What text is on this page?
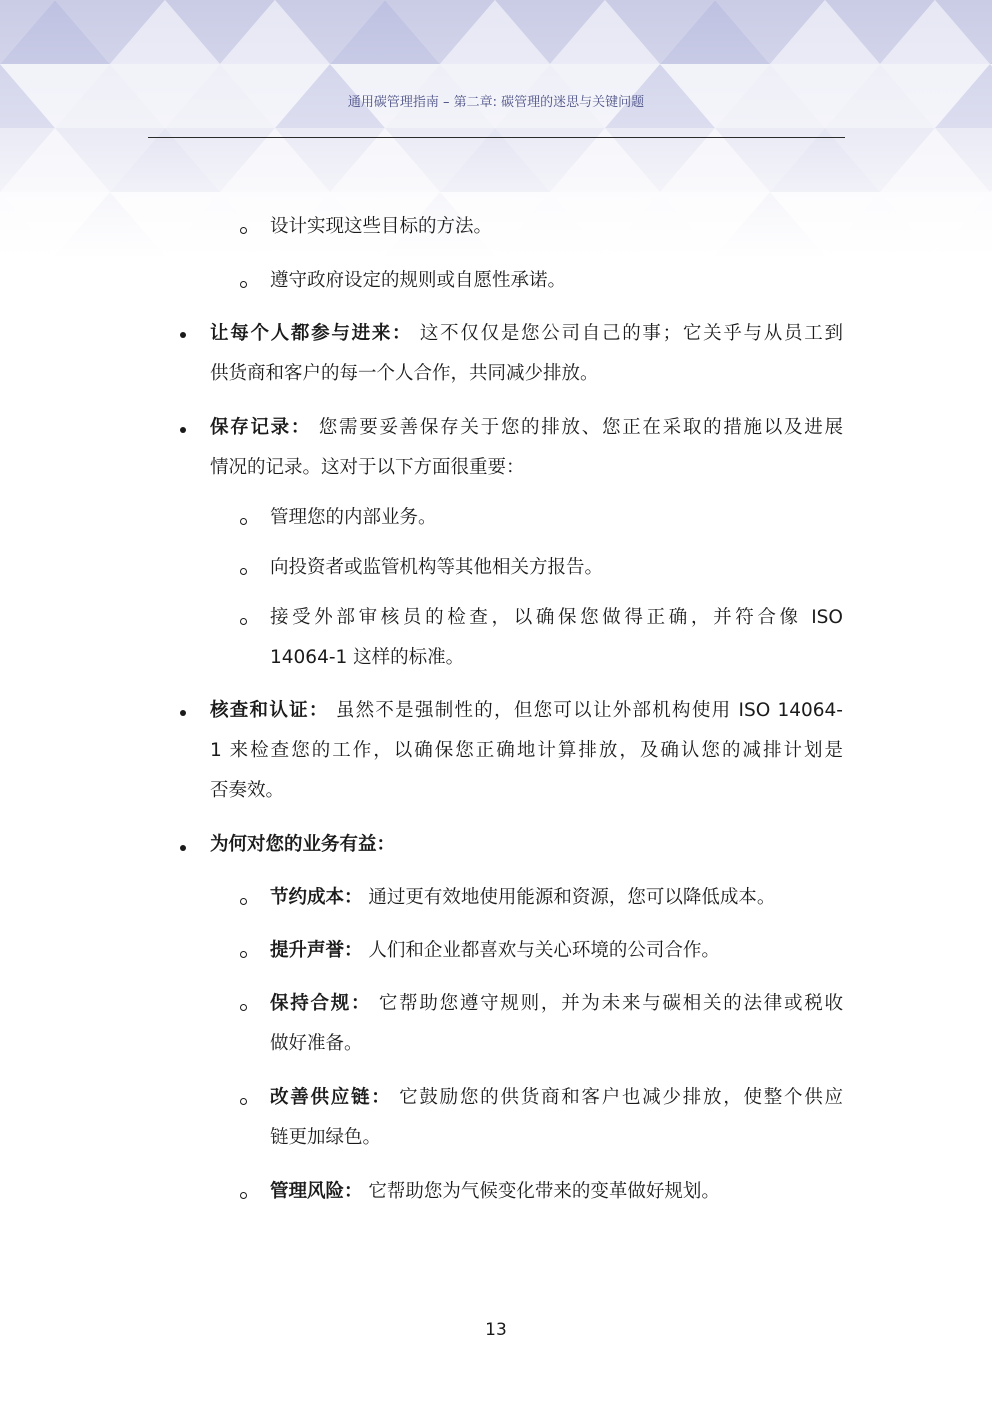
通用碳管理指南 – 第二章: 碳管理的迷思与关键问题
设计实现这些目标的方法。
遵守政府设定的规则或自愿性承诺。
让每个人都参与进来： 这不仅仅是您公司自己的事；它关乎与从员工到
供货商和客户的每一个人合作，共同减少排放。
保存记录： 您需要妥善保存关于您的排放、您正在采取的措施以及进展
情况的记录。这对于以下方面很重要：
管理您的内部业务。
向投资者或监管机构等其他相关方报告。
接受外部审核员的检查，以确保您做得正确，并符合像 ISO
14064-1 这样的标准。
核查和认证： 虽然不是强制性的，但您可以让外部机构使用 ISO 14064-
1 来检查您的工作，以确保您正确地计算排放，及确认您的减排计划是
否奏效。
为何对您的业务有益：
节约成本： 通过更有效地使用能源和资源，您可以降低成本。
提升声誉： 人们和企业都喜欢与关心环境的公司合作。
保持合规： 它帮助您遵守规则，并为未来与碳相关的法律或税收
做好准备。
改善供应链： 它鼓励您的供货商和客户也减少排放，使整个供应
链更加绿色。
管理风险： 它帮助您为气候变化带来的变革做好规划。
13
